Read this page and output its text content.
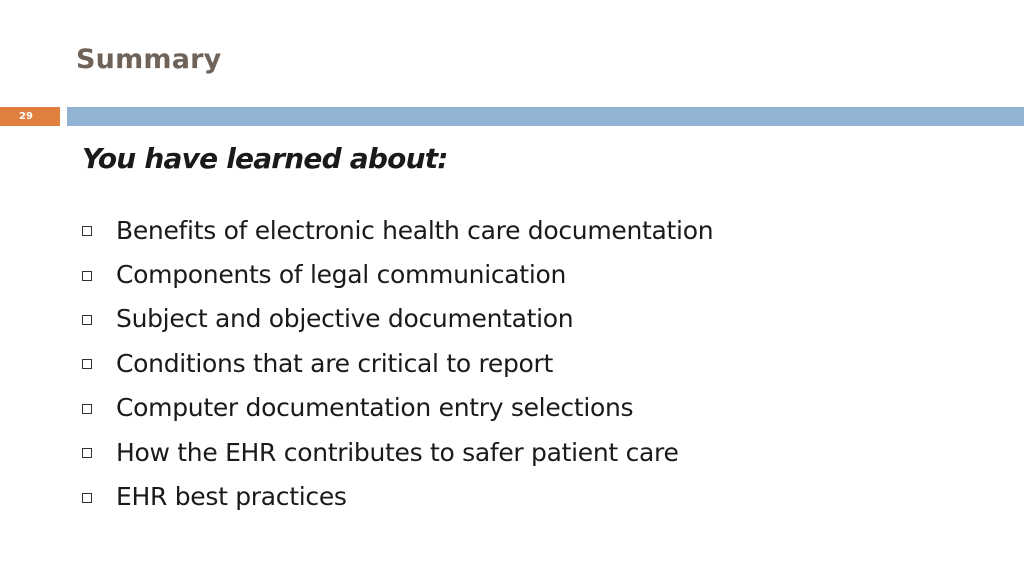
Summary
29
You have learned about:
Benefits of electronic health care documentation
Components of legal communication
Subject and objective documentation
Conditions that are critical to report
Computer documentation entry selections
How the EHR contributes to safer patient care
EHR best practices
